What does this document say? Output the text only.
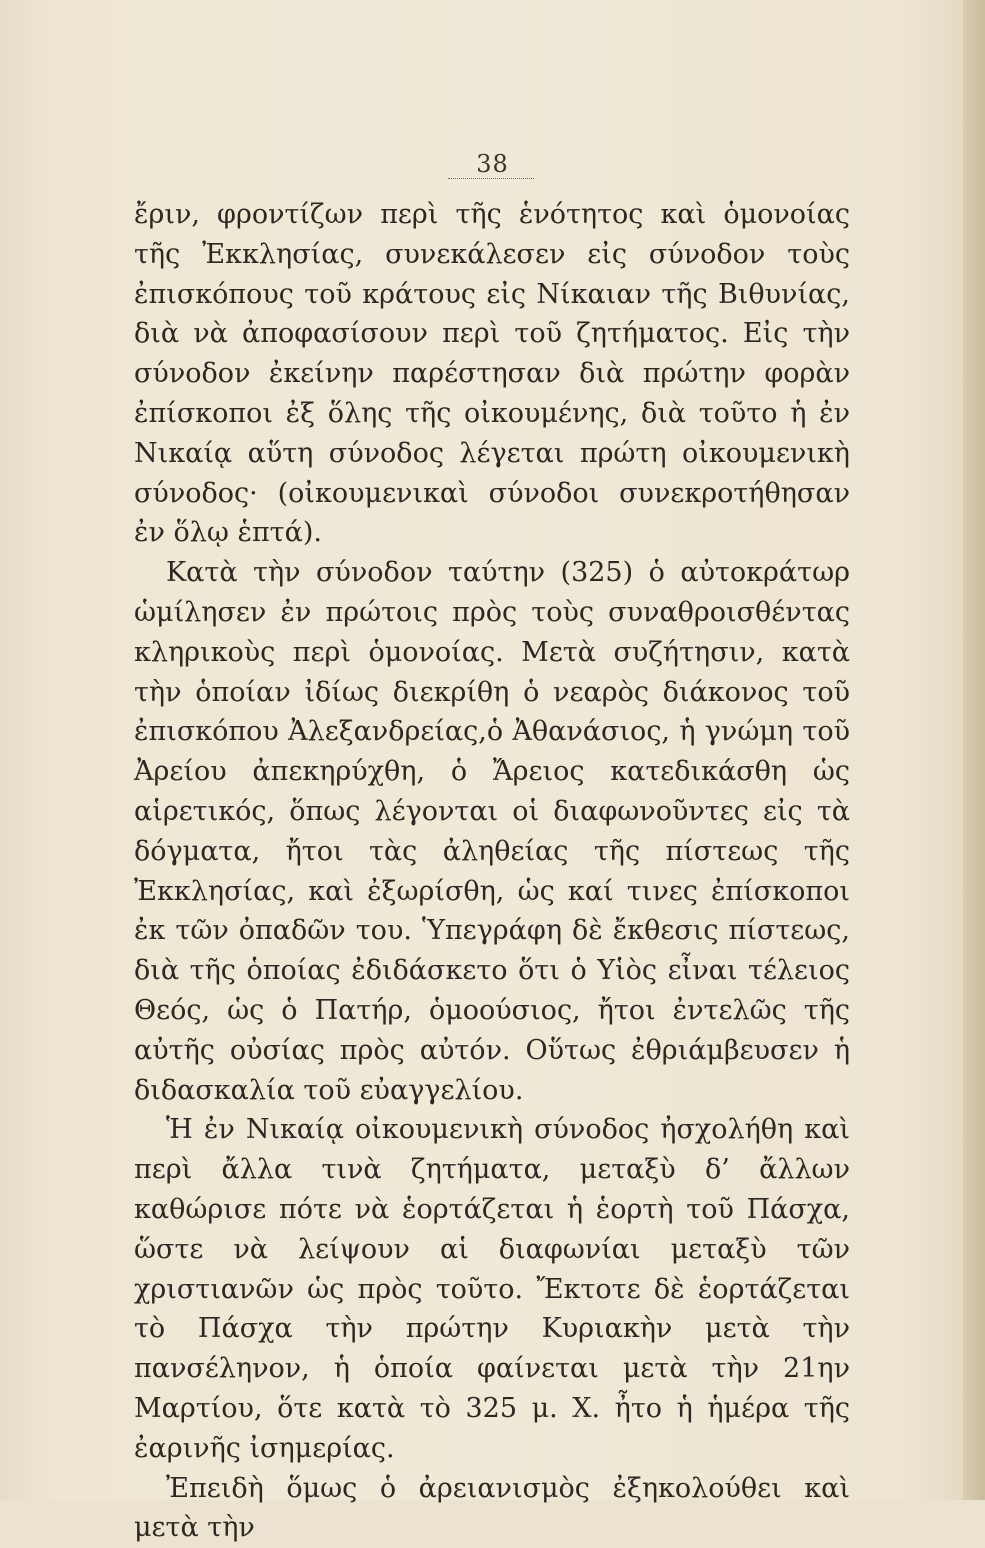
38

ἔριν, φροντίζων περὶ τῆς ἑνότητος καὶ ὁμονοίας τῆς Ἐκκλησίας, συνεκάλεσεν εἰς σύνοδον τοὺς ἐπισκόπους τοῦ κράτους εἰς Νίκαιαν τῆς Βιθυνίας, διὰ νὰ ἀποφασίσουν περὶ τοῦ ζητήματος. Εἰς τὴν σύνοδον ἐκείνην παρέστησαν διὰ πρώτην φορὰν ἐπίσκοποι ἐξ ὅλης τῆς οἰκουμένης, διὰ τοῦτο ἡ ἐν Νικαίᾳ αὕτη σύνοδος λέγεται πρώτη οἰκουμενικὴ σύνοδος· (οἰκουμενικαὶ σύνοδοι συνεκροτήθησαν ἐν ὅλῳ ἑπτά).

Κατὰ τὴν σύνοδον ταύτην (325) ὁ αὐτοκράτωρ ὡμίλησεν ἐν πρώτοις πρὸς τοὺς συναθροισθέντας κληρικοὺς περὶ ὁμονοίας. Μετὰ συζήτησιν, κατὰ τὴν ὁποίαν ἰδίως διεκρίθη ὁ νεαρὸς διάκονος τοῦ ἐπισκόπου Ἀλεξανδρείας,ὁ Ἀθανάσιος, ἡ γνώμη τοῦ Ἀρείου ἀπεκηρύχθη, ὁ Ἄρειος κατεδικάσθη ὡς αἱρετικός, ὅπως λέγονται οἱ διαφωνοῦντες εἰς τὰ δόγματα, ἤτοι τὰς ἀληθείας τῆς πίστεως τῆς Ἐκκλησίας, καὶ ἐξωρίσθη, ὡς καί τινες ἐπίσκοποι ἐκ τῶν ὀπαδῶν του. Ὑπεγράφη δὲ ἔκθεσις πίστεως, διὰ τῆς ὁποίας ἐδιδάσκετο ὅτι ὁ Υἱὸς εἶναι τέλειος Θεός, ὡς ὁ Πατήρ, ὁμοούσιος, ἤτοι ἐντελῶς τῆς αὐτῆς οὐσίας πρὸς αὐτόν. Οὕτως ἐθριάμβευσεν ἡ διδασκαλία τοῦ εὐαγγελίου.

Ἡ ἐν Νικαίᾳ οἰκουμενικὴ σύνοδος ἠσχολήθη καὶ περὶ ἄλλα τινὰ ζητήματα, μεταξὺ δ’ ἄλλων καθώρισε πότε νὰ ἑορτάζεται ἡ ἑορτὴ τοῦ Πάσχα, ὥστε νὰ λείψουν αἱ διαφωνίαι μεταξὺ τῶν χριστιανῶν ὡς πρὸς τοῦτο. Ἔκτοτε δὲ ἑορτάζεται τὸ Πάσχα τὴν πρώτην Κυριακὴν μετὰ τὴν πανσέληνον, ἡ ὁποία φαίνεται μετὰ τὴν 21ην Μαρτίου, ὅτε κατὰ τὸ 325 μ. Χ. ἦτο ἡ ἡμέρα τῆς ἐαρινῆς ἰσημερίας.

Ἐπειδὴ ὅμως ὁ ἀρειανισμὸς ἐξηκολούθει καὶ μετὰ τὴν
